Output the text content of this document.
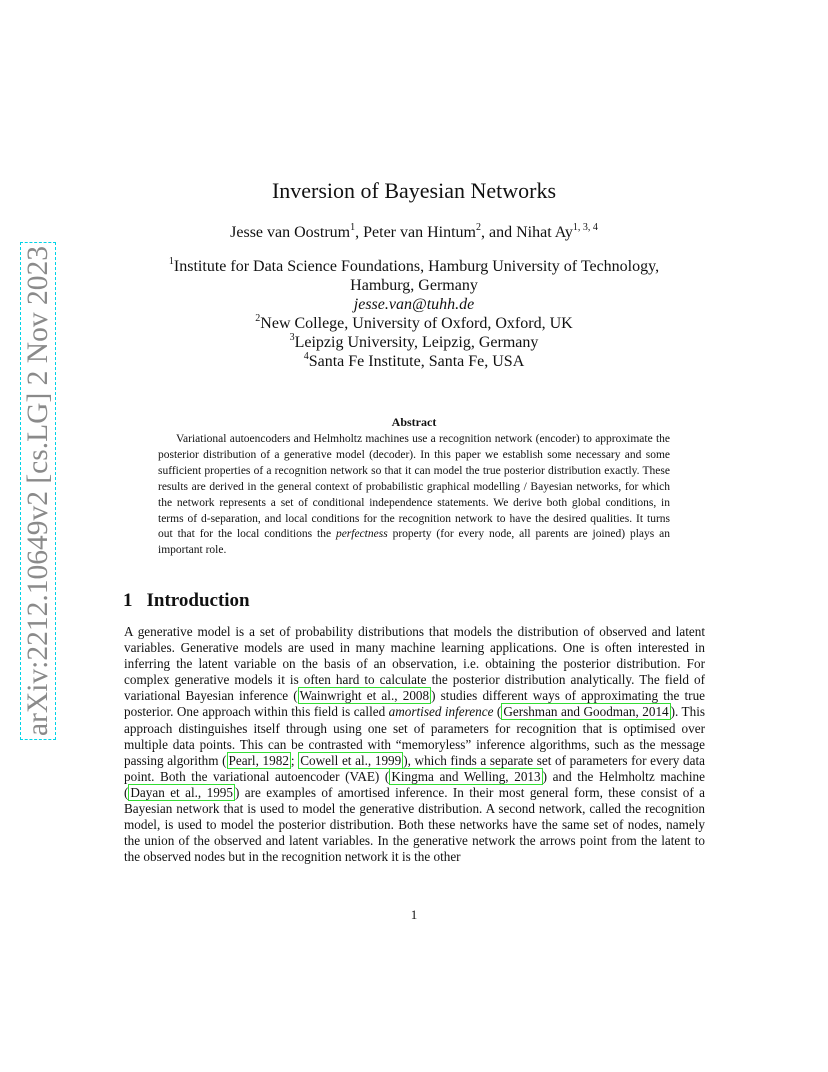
arXiv:2212.10649v2 [cs.LG] 2 Nov 2023
Inversion of Bayesian Networks
Jesse van Oostrum$^1$, Peter van Hintum$^2$, and Nihat Ay$^{1, 3, 4}$
$^1$Institute for Data Science Foundations, Hamburg University of Technology,
Hamburg, Germany
jesse.van@tuhh.de
$^2$New College, University of Oxford, Oxford, UK
$^3$Leipzig University, Leipzig, Germany
$^4$Santa Fe Institute, Santa Fe, USA
Abstract
Variational autoencoders and Helmholtz machines use a recognition network (encoder) to approximate the posterior distribution of a generative model (decoder). In this paper we establish some necessary and some sufficient properties of a recognition network so that it can model the true posterior distribution exactly. These results are derived in the general context of probabilistic graphical modelling / Bayesian networks, for which the network represents a set of conditional independence statements. We derive both global conditions, in terms of d-separation, and local conditions for the recognition network to have the desired qualities. It turns out that for the local conditions the perfectness property (for every node, all parents are joined) plays an important role.
1 Introduction
A generative model is a set of probability distributions that models the distribution of observed and latent variables. Generative models are used in many machine learning applications. One is often interested in inferring the latent variable on the basis of an observation, i.e. obtaining the posterior distribution. For complex generative models it is often hard to calculate the posterior distribution analytically. The field of variational Bayesian inference ( Wainwright et al., 2008 ) studies different ways of approximating the true posterior. One approach within this field is called amortised inference ( Gershman and Goodman, 2014 ). This approach distinguishes itself through using one set of parameters for recognition that is optimised over multiple data points. This can be contrasted with “memoryless” inference algorithms, such as the message passing algorithm ( Pearl, 1982 ; Cowell et al., 1999 ), which finds a separate set of parameters for every data point. Both the variational autoencoder (VAE) ( Kingma and Welling, 2013 ) and the Helmholtz machine ( Dayan et al., 1995 ) are examples of amortised inference. In their most general form, these consist of a Bayesian network that is used to model the generative distribution. A second network, called the recognition model, is used to model the posterior distribution. Both these networks have the same set of nodes, namely the union of the observed and latent variables. In the generative network the arrows point from the latent to the observed nodes but in the recognition network it is the other
1
